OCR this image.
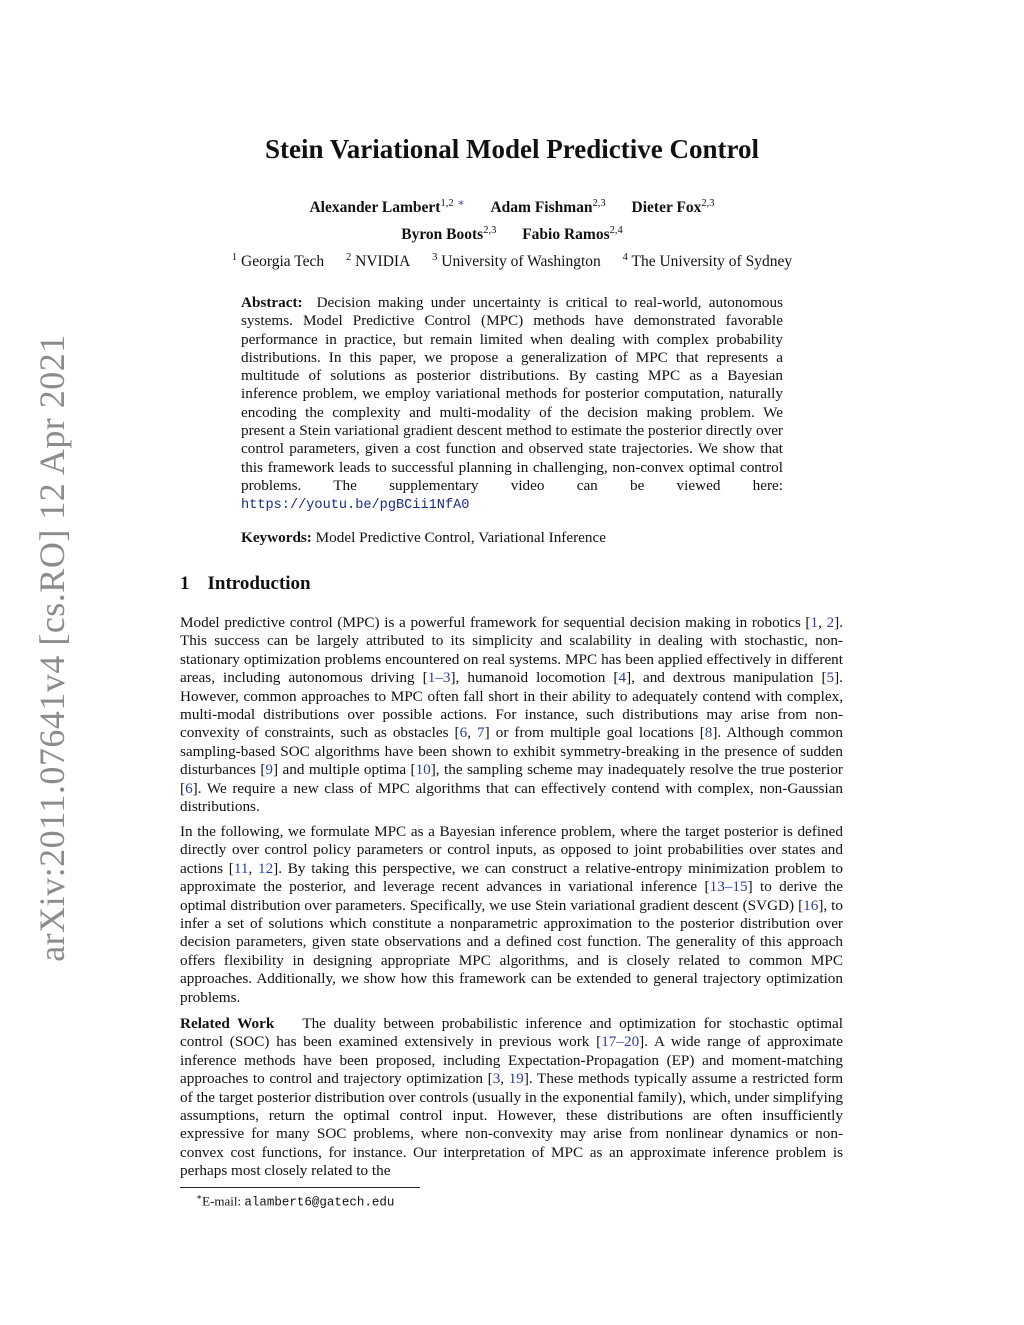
arXiv:2011.07641v4 [cs.RO] 12 Apr 2021
Stein Variational Model Predictive Control
Alexander Lambert$^{1,2}$ ∗ Adam Fishman$^{2,3}$ Dieter Fox$^{2,3}$
Byron Boots$^{2,3}$ Fabio Ramos$^{2,4}$
$^1$ Georgia Tech $^2$ NVIDIA $^3$ University of Washington $^4$ The University of Sydney
Abstract: Decision making under uncertainty is critical to real-world, autonomous systems. Model Predictive Control (MPC) methods have demonstrated favorable performance in practice, but remain limited when dealing with complex probability distributions. In this paper, we propose a generalization of MPC that represents a multitude of solutions as posterior distributions. By casting MPC as a Bayesian inference problem, we employ variational methods for posterior computation, naturally encoding the complexity and multi-modality of the decision making problem. We present a Stein variational gradient descent method to estimate the posterior directly over control parameters, given a cost function and observed state trajectories. We show that this framework leads to successful planning in challenging, non-convex optimal control problems. The supplementary video can be viewed here: https://youtu.be/pgBCii1NfA0
Keywords: Model Predictive Control, Variational Inference
1 Introduction

Model predictive control (MPC) is a powerful framework for sequential decision making in robotics [1, 2]. This success can be largely attributed to its simplicity and scalability in dealing with stochastic, non-stationary optimization problems encountered on real systems. MPC has been applied effectively in different areas, including autonomous driving [1–3], humanoid locomotion [4], and dextrous manipulation [5]. However, common approaches to MPC often fall short in their ability to adequately contend with complex, multi-modal distributions over possible actions. For instance, such distributions may arise from non-convexity of constraints, such as obstacles [6, 7] or from multiple goal locations [8]. Although common sampling-based SOC algorithms have been shown to exhibit symmetry-breaking in the presence of sudden disturbances [9] and multiple optima [10], the sampling scheme may inadequately resolve the true posterior [6]. We require a new class of MPC algorithms that can effectively contend with complex, non-Gaussian distributions.

In the following, we formulate MPC as a Bayesian inference problem, where the target posterior is defined directly over control policy parameters or control inputs, as opposed to joint probabilities over states and actions [11, 12]. By taking this perspective, we can construct a relative-entropy minimization problem to approximate the posterior, and leverage recent advances in variational inference [13–15] to derive the optimal distribution over parameters. Specifically, we use Stein variational gradient descent (SVGD) [16], to infer a set of solutions which constitute a nonparametric approximation to the posterior distribution over decision parameters, given state observations and a defined cost function. The generality of this approach offers flexibility in designing appropriate MPC algorithms, and is closely related to common MPC approaches. Additionally, we show how this framework can be extended to general trajectory optimization problems.

Related Work The duality between probabilistic inference and optimization for stochastic optimal control (SOC) has been examined extensively in previous work [17–20]. A wide range of approximate inference methods have been proposed, including Expectation-Propagation (EP) and moment-matching approaches to control and trajectory optimization [3, 19]. These methods typically assume a restricted form of the target posterior distribution over controls (usually in the exponential family), which, under simplifying assumptions, return the optimal control input. However, these distributions are often insufficiently expressive for many SOC problems, where non-convexity may arise from nonlinear dynamics or non-convex cost functions, for instance. Our interpretation of MPC as an approximate inference problem is perhaps most closely related to the

∗E-mail: alambert6@gatech.edu
